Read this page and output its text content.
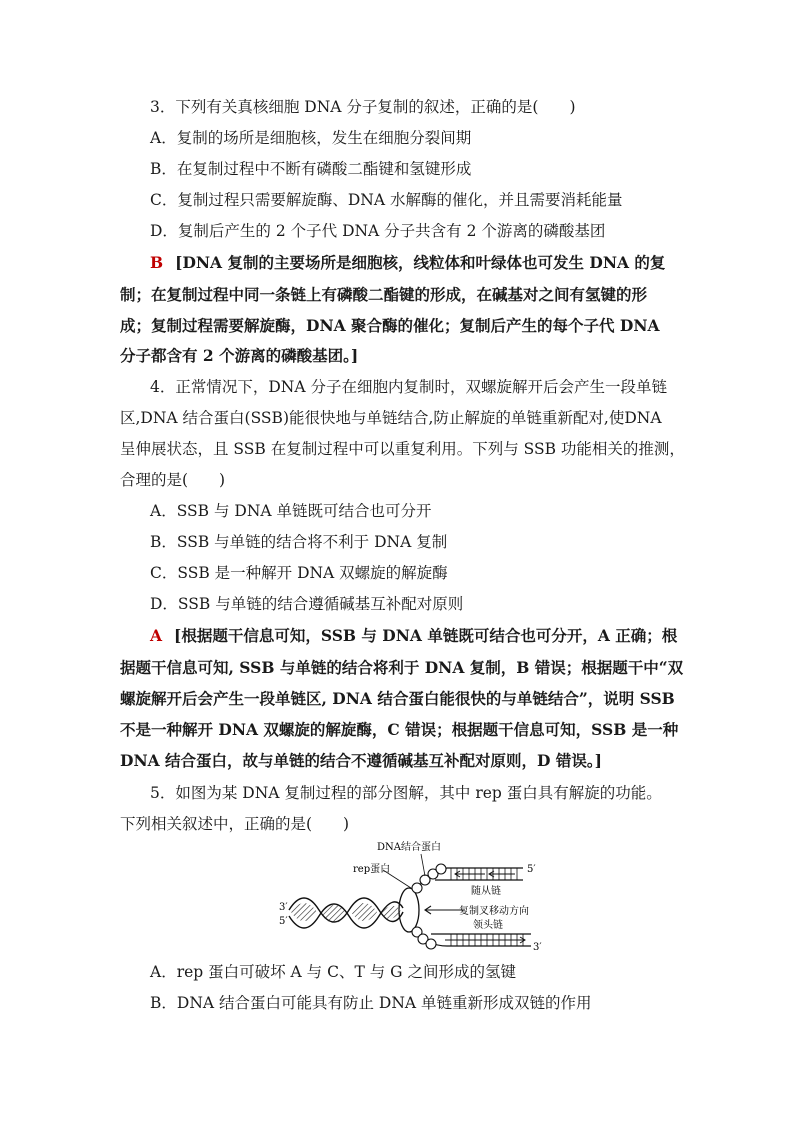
3．下列有关真核细胞 DNA 分子复制的叙述，正确的是(　　)
A．复制的场所是细胞核，发生在细胞分裂间期
B．在复制过程中不断有磷酸二酯键和氢键形成
C．复制过程只需要解旋酶、DNA 水解酶的催化，并且需要消耗能量
D．复制后产生的 2 个子代 DNA 分子共含有 2 个游离的磷酸基团
B [DNA 复制的主要场所是细胞核，线粒体和叶绿体也可发生 DNA 的复
制；在复制过程中同一条链上有磷酸二酯键的形成，在碱基对之间有氢键的形
成；复制过程需要解旋酶，DNA 聚合酶的催化；复制后产生的每个子代 DNA
分子都含有 2 个游离的磷酸基团。]
4．正常情况下，DNA 分子在细胞内复制时，双螺旋解开后会产生一段单链
区,DNA 结合蛋白(SSB)能很快地与单链结合,防止解旋的单链重新配对,使DNA
呈伸展状态，且 SSB 在复制过程中可以重复利用。下列与 SSB 功能相关的推测，
合理的是(　　)
A．SSB 与 DNA 单链既可结合也可分开
B．SSB 与单链的结合将不利于 DNA 复制
C．SSB 是一种解开 DNA 双螺旋的解旋酶
D．SSB 与单链的结合遵循碱基互补配对原则
A [根据题干信息可知，SSB 与 DNA 单链既可结合也可分开，A 正确；根
据题干信息可知, SSB 与单链的结合将利于 DNA 复制，B 错误；根据题干中“双
螺旋解开后会产生一段单链区, DNA 结合蛋白能很快的与单链结合”，说明 SSB
不是一种解开 DNA 双螺旋的解旋酶，C 错误；根据题干信息可知，SSB 是一种
DNA 结合蛋白，故与单链的结合不遵循碱基互补配对原则，D 错误。]
5．如图为某 DNA 复制过程的部分图解，其中 rep 蛋白具有解旋的功能。
下列相关叙述中，正确的是(　　)
DNA结合蛋白
rep蛋白
随从链
复制叉移动方向
领头链
5′
3′
5′
3′
A．rep 蛋白可破坏 A 与 C、T 与 G 之间形成的氢键
B．DNA 结合蛋白可能具有防止 DNA 单链重新形成双链的作用
